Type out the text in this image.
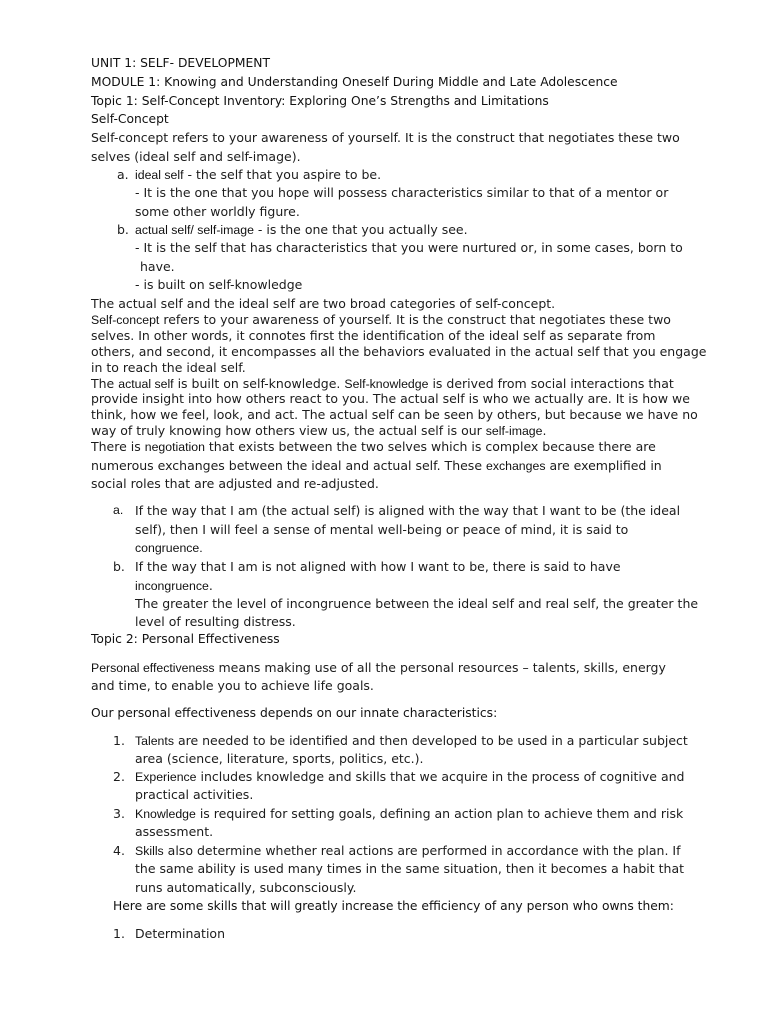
UNIT 1: SELF- DEVELOPMENT
MODULE 1: Knowing and Understanding Oneself During Middle and Late Adolescence
Topic 1: Self-Concept Inventory: Exploring One’s Strengths and Limitations
Self-Concept
Self-concept refers to your awareness of yourself. It is the construct that negotiates these two
selves (ideal self and self-image).
a. ideal self - the self that you aspire to be.
- It is the one that you hope will possess characteristics similar to that of a mentor or
some other worldly figure.
b. actual self/ self-image - is the one that you actually see.
- It is the self that has characteristics that you were nurtured or, in some cases, born to
have.
- is built on self-knowledge
The actual self and the ideal self are two broad categories of self-concept.
Self-concept refers to your awareness of yourself. It is the construct that negotiates these two
selves. In other words, it connotes first the identification of the ideal self as separate from
others, and second, it encompasses all the behaviors evaluated in the actual self that you engage
in to reach the ideal self.
The actual self is built on self-knowledge. Self-knowledge is derived from social interactions that
provide insight into how others react to you. The actual self is who we actually are. It is how we
think, how we feel, look, and act. The actual self can be seen by others, but because we have no
way of truly knowing how others view us, the actual self is our self-image.
There is negotiation that exists between the two selves which is complex because there are
numerous exchanges between the ideal and actual self. These exchanges are exemplified in
social roles that are adjusted and re-adjusted.
a. If the way that I am (the actual self) is aligned with the way that I want to be (the ideal
self), then I will feel a sense of mental well-being or peace of mind, it is said to
congruence.
b. If the way that I am is not aligned with how I want to be, there is said to have
incongruence.
The greater the level of incongruence between the ideal self and real self, the greater the
level of resulting distress.
Topic 2: Personal Effectiveness
Personal effectiveness means making use of all the personal resources – talents, skills, energy
and time, to enable you to achieve life goals.
Our personal effectiveness depends on our innate characteristics:
1. Talents are needed to be identified and then developed to be used in a particular subject
area (science, literature, sports, politics, etc.).
2. Experience includes knowledge and skills that we acquire in the process of cognitive and
practical activities.
3. Knowledge is required for setting goals, defining an action plan to achieve them and risk
assessment.
4. Skills also determine whether real actions are performed in accordance with the plan. If
the same ability is used many times in the same situation, then it becomes a habit that
runs automatically, subconsciously.
Here are some skills that will greatly increase the efficiency of any person who owns them:
1. Determination
